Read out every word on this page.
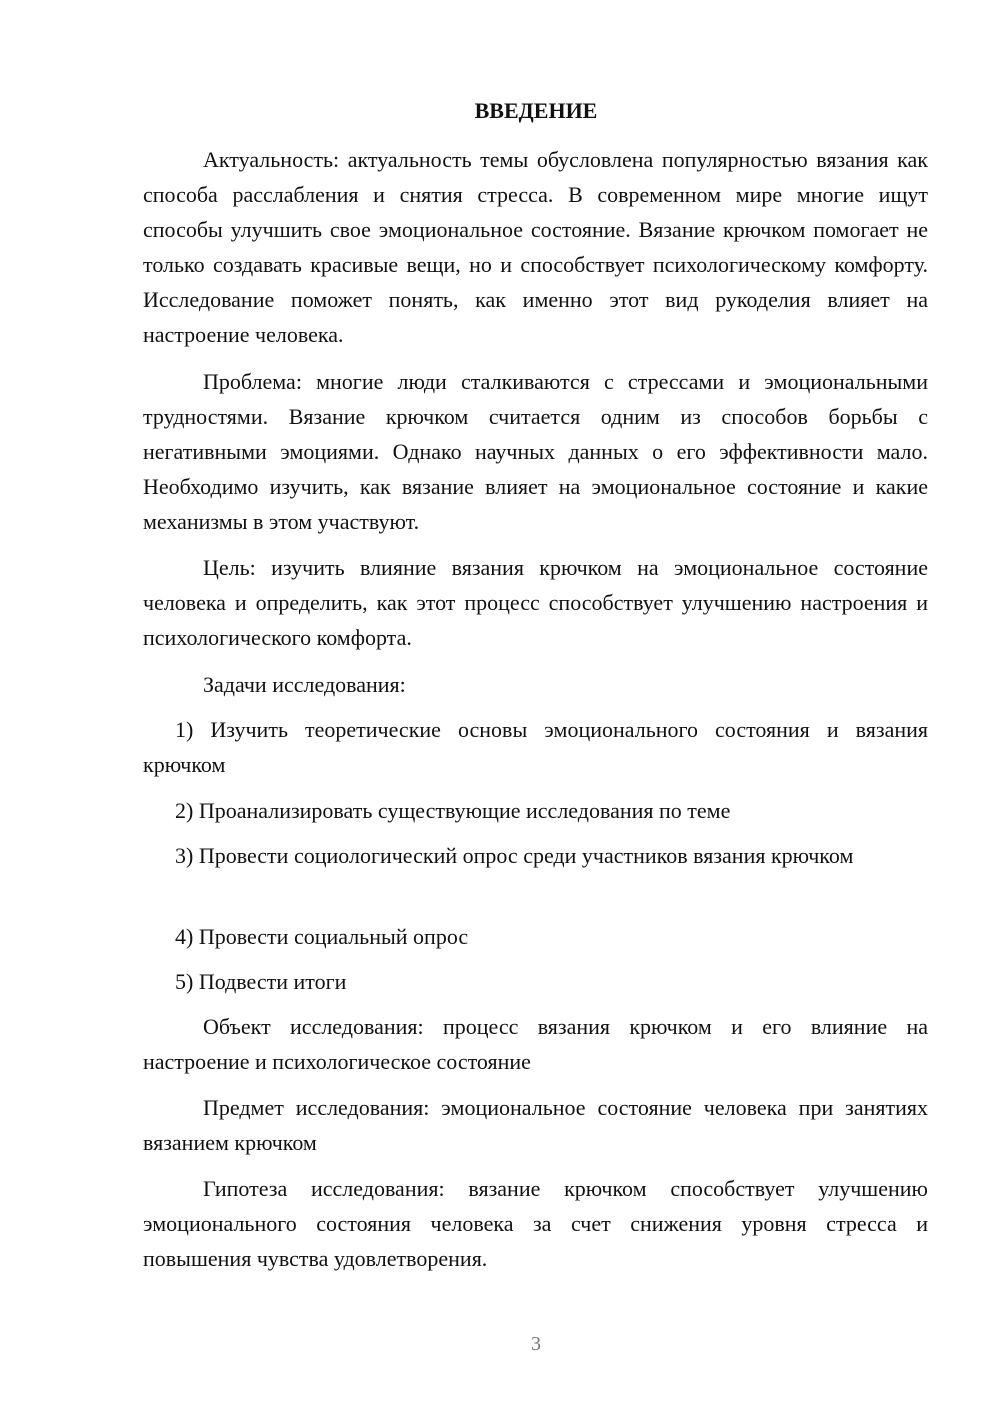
ВВЕДЕНИЕ

Актуальность: актуальность темы обусловлена популярностью вязания как способа расслабления и снятия стресса. В современном мире многие ищут способы улучшить свое эмоциональное состояние. Вязание крючком помогает не только создавать красивые вещи, но и способствует психологическому комфорту. Исследование поможет понять, как именно этот вид рукоделия влияет на настроение человека.

Проблема: многие люди сталкиваются с стрессами и эмоциональными трудностями. Вязание крючком считается одним из способов борьбы с негативными эмоциями. Однако научных данных о его эффективности мало. Необходимо изучить, как вязание влияет на эмоциональное состояние и какие механизмы в этом участвуют.

Цель: изучить влияние вязания крючком на эмоциональное состояние человека и определить, как этот процесс способствует улучшению настроения и психологического комфорта.

Задачи исследования:

1) Изучить теоретические основы эмоционального состояния и вязания крючком

2) Проанализировать существующие исследования по теме

3) Провести социологический опрос среди участников вязания крючком

4) Провести социальный опрос

5) Подвести итоги

Объект исследования: процесс вязания крючком и его влияние на настроение и психологическое состояние

Предмет исследования: эмоциональное состояние человека при занятиях вязанием крючком

Гипотеза исследования: вязание крючком способствует улучшению эмоционального состояния человека за счет снижения уровня стресса и повышения чувства удовлетворения.

3
